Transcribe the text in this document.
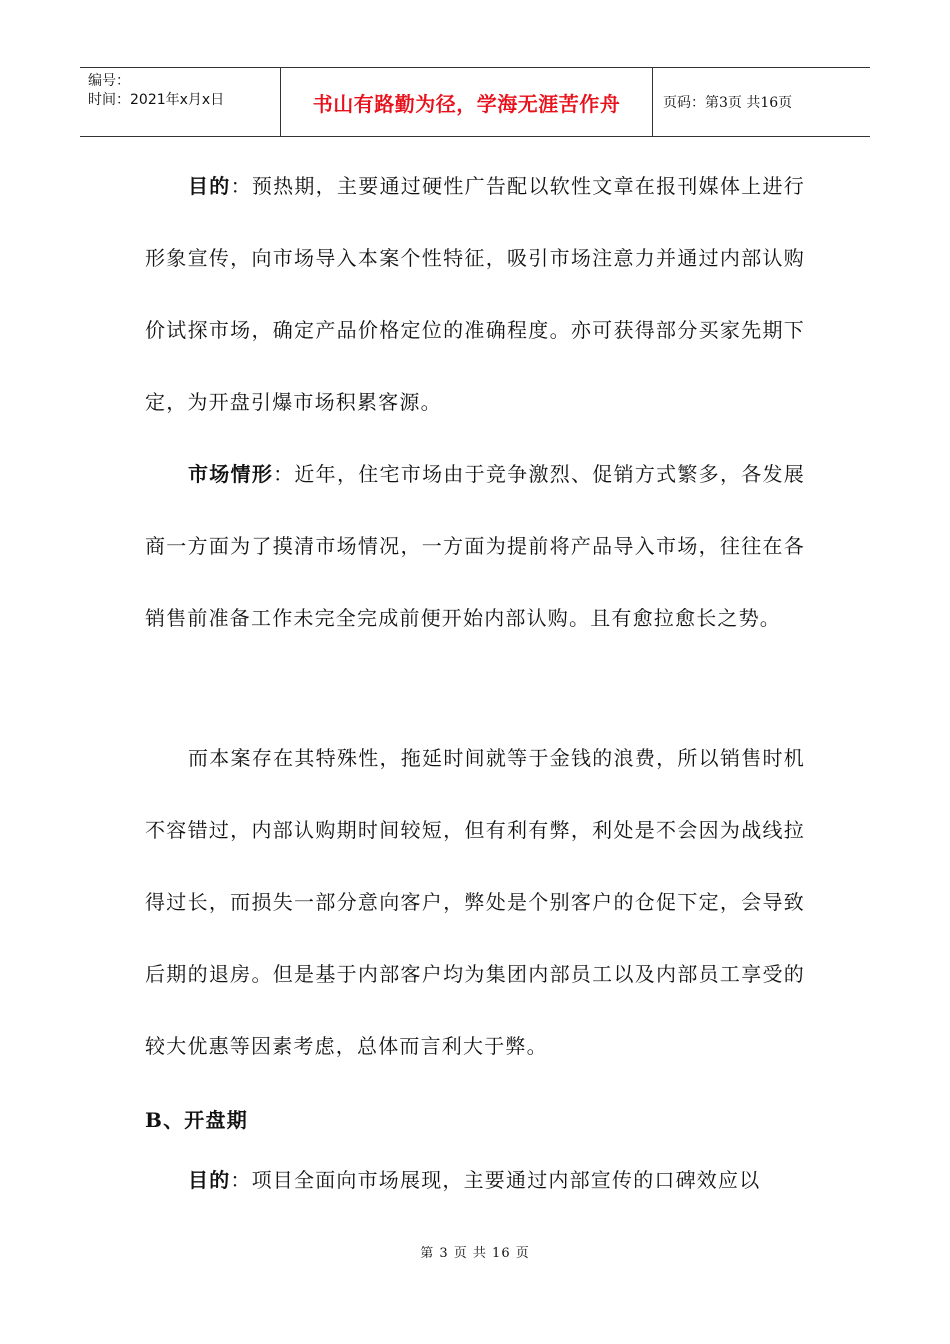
编号：
时间：2021年x月x日	书山有路勤为径，学海无涯苦作舟	页码：第3页 共16页

目的：预热期，主要通过硬性广告配以软性文章在报刊媒体上进行形象宣传，向市场导入本案个性特征，吸引市场注意力并通过内部认购价试探市场，确定产品价格定位的准确程度。亦可获得部分买家先期下定，为开盘引爆市场积累客源。

市场情形：近年，住宅市场由于竞争激烈、促销方式繁多，各发展商一方面为了摸清市场情况，一方面为提前将产品导入市场，往往在各销售前准备工作未完全完成前便开始内部认购。且有愈拉愈长之势。

而本案存在其特殊性，拖延时间就等于金钱的浪费，所以销售时机不容错过，内部认购期时间较短，但有利有弊，利处是不会因为战线拉得过长，而损失一部分意向客户，弊处是个别客户的仓促下定，会导致后期的退房。但是基于内部客户均为集团内部员工以及内部员工享受的较大优惠等因素考虑，总体而言利大于弊。

B、开盘期

目的：项目全面向市场展现，主要通过内部宣传的口碑效应以

第 3 页 共 16 页
